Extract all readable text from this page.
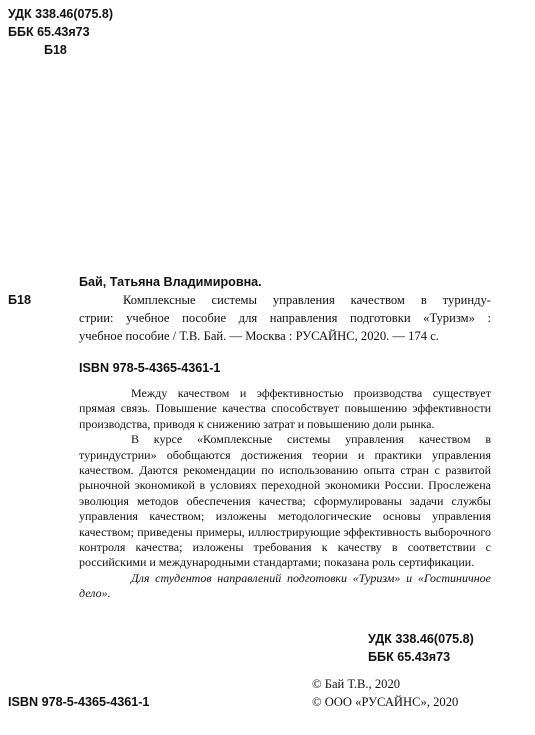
УДК 338.46(075.8)
ББК 65.43я73
Б18
Бай, Татьяна Владимировна.
Б18	Комплексные системы управления качеством в туринду-
стрии: учебное пособие для направления подготовки «Туризм» :
учебное пособие / Т.В. Бай. — Москва : РУСАЙНС, 2020. — 174 с.
ISBN 978-5-4365-4361-1

Между качеством и эффективностью производства существует прямая связь. Повышение качества способствует повышению эффективности производства, приводя к снижению затрат и повышению доли рынка.

В курсе «Комплексные системы управления качеством в туриндустрии» обобщаются достижения теории и практики управления качеством. Даются рекомендации по использованию опыта стран с развитой рыночной экономикой в условиях переходной экономики России. Прослежена эволюция методов обеспечения качества; сформулированы задачи службы управления качеством; изложены методологические основы управления качеством; приведены примеры, иллюстрирующие эффективность выборочного контроля качества; изложены требования к качеству в соответствии с российскими и международными стандартами; показана роль сертификации.

Для студентов направлений подготовки «Туризм» и «Гостиничное дело».

УДК 338.46(075.8)
ББК 65.43я73
ISBN 978-5-4365-4361-1
© Бай Т.В., 2020
© ООО «РУСАЙНС», 2020
